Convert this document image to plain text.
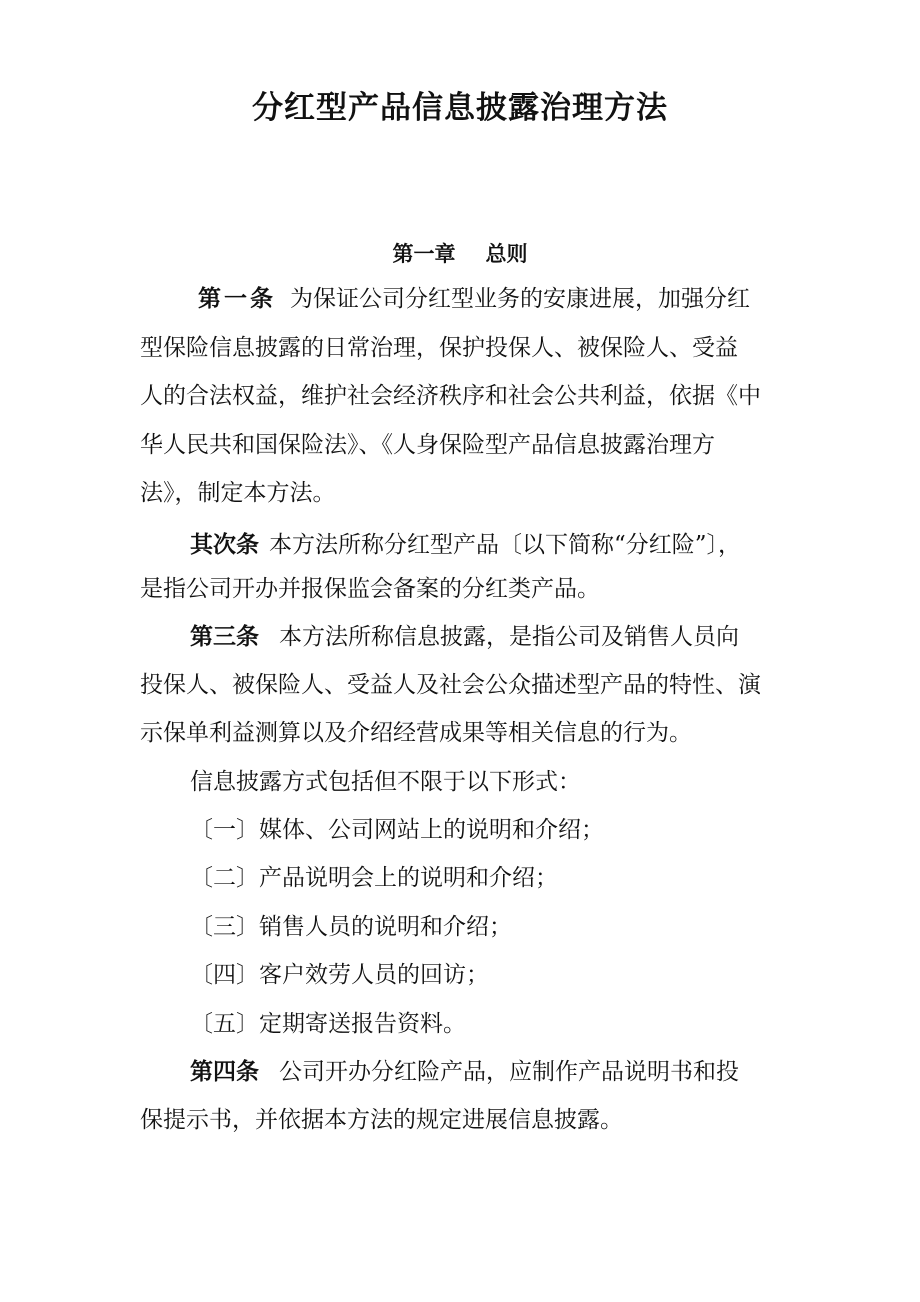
分红型产品信息披露治理方法
第一章 总则

第一条 为保证公司分红型业务的安康进展，加强分红

型保险信息披露的日常治理，保护投保人、被保险人、受益

人的合法权益，维护社会经济秩序和社会公共利益，依据《中

华人民共和国保险法》、《人身保险型产品信息披露治理方

法》，制定本方法。

其次条 本方法所称分红型产品〔以下简称“分红险”〕，

是指公司开办并报保监会备案的分红类产品。

第三条 本方法所称信息披露，是指公司及销售人员向

投保人、被保险人、受益人及社会公众描述型产品的特性、演

示保单利益测算以及介绍经营成果等相关信息的行为。

信息披露方式包括但不限于以下形式：

〔一〕媒体、公司网站上的说明和介绍；

〔二〕产品说明会上的说明和介绍；

〔三〕销售人员的说明和介绍；

〔四〕客户效劳人员的回访；

〔五〕定期寄送报告资料。

第四条 公司开办分红险产品，应制作产品说明书和投

保提示书，并依据本方法的规定进展信息披露。
